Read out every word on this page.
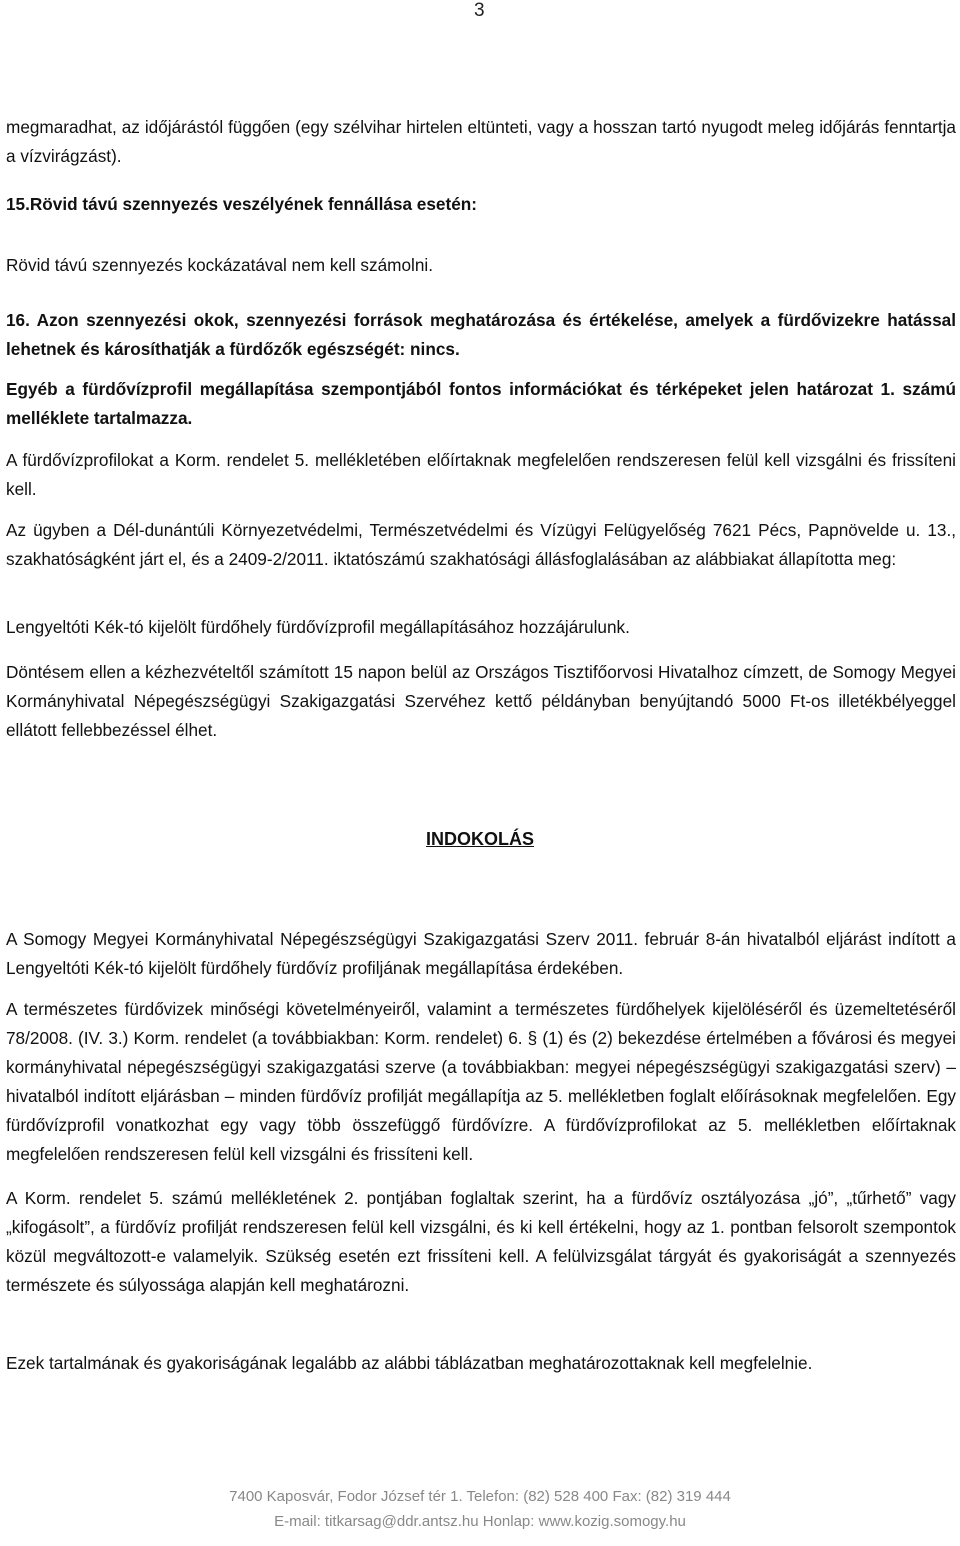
3

megmaradhat, az időjárástól függően (egy szélvihar hirtelen eltünteti, vagy a hosszan tartó nyugodt meleg időjárás fenntartja a vízvirágzást).

15.Rövid távú szennyezés veszélyének fennállása esetén:

Rövid távú szennyezés kockázatával nem kell számolni.

16. Azon szennyezési okok, szennyezési források meghatározása és értékelése, amelyek a fürdővizekre hatással lehetnek és károsíthatják a fürdőzők egészségét: nincs.

Egyéb a fürdővízprofil megállapítása szempontjából fontos információkat és térképeket jelen határozat 1. számú melléklete tartalmazza.

A fürdővízprofilokat a Korm. rendelet 5. mellékletében előírtaknak megfelelően rendszeresen felül kell vizsgálni és frissíteni kell.

Az ügyben a Dél-dunántúli Környezetvédelmi, Természetvédelmi és Vízügyi Felügyelőség 7621 Pécs, Papnövelde u. 13., szakhatóságként járt el, és a 2409-2/2011. iktatószámú szakhatósági állásfoglalásában az alábbiakat állapította meg:

Lengyeltóti Kék-tó kijelölt fürdőhely fürdővízprofil megállapításához hozzájárulunk.

Döntésem ellen a kézhezvételtől számított 15 napon belül az Országos Tisztifőorvosi Hivatalhoz címzett, de Somogy Megyei Kormányhivatal Népegészségügyi Szakigazgatási Szervéhez kettő példányban benyújtandó 5000 Ft-os illetékbélyeggel ellátott fellebbezéssel élhet.

INDOKOLÁS

A Somogy Megyei Kormányhivatal Népegészségügyi Szakigazgatási Szerv 2011. február 8-án hivatalból eljárást indított a Lengyeltóti Kék-tó kijelölt fürdőhely fürdővíz profiljának megállapítása érdekében.

A természetes fürdővizek minőségi követelményeiről, valamint a természetes fürdőhelyek kijelöléséről és üzemeltetéséről 78/2008. (IV. 3.) Korm. rendelet (a továbbiakban: Korm. rendelet) 6. § (1) és (2) bekezdése értelmében a fővárosi és megyei kormányhivatal népegészségügyi szakigazgatási szerve (a továbbiakban: megyei népegészségügyi szakigazgatási szerv) – hivatalból indított eljárásban – minden fürdővíz profilját megállapítja az 5. mellékletben foglalt előírásoknak megfelelően. Egy fürdővízprofil vonatkozhat egy vagy több összefüggő fürdővízre. A fürdővízprofilokat az 5. mellékletben előírtaknak megfelelően rendszeresen felül kell vizsgálni és frissíteni kell.

A Korm. rendelet 5. számú mellékletének 2. pontjában foglaltak szerint, ha a fürdővíz osztályozása „jó”, „tűrhető” vagy „kifogásolt”, a fürdővíz profilját rendszeresen felül kell vizsgálni, és ki kell értékelni, hogy az 1. pontban felsorolt szempontok közül megváltozott-e valamelyik. Szükség esetén ezt frissíteni kell. A felülvizsgálat tárgyát és gyakoriságát a szennyezés természete és súlyossága alapján kell meghatározni.

Ezek tartalmának és gyakoriságának legalább az alábbi táblázatban meghatározottaknak kell megfelelnie.

7400 Kaposvár, Fodor József tér 1. Telefon: (82) 528 400 Fax: (82) 319 444
E-mail: titkarsag@ddr.antsz.hu Honlap: www.kozig.somogy.hu
